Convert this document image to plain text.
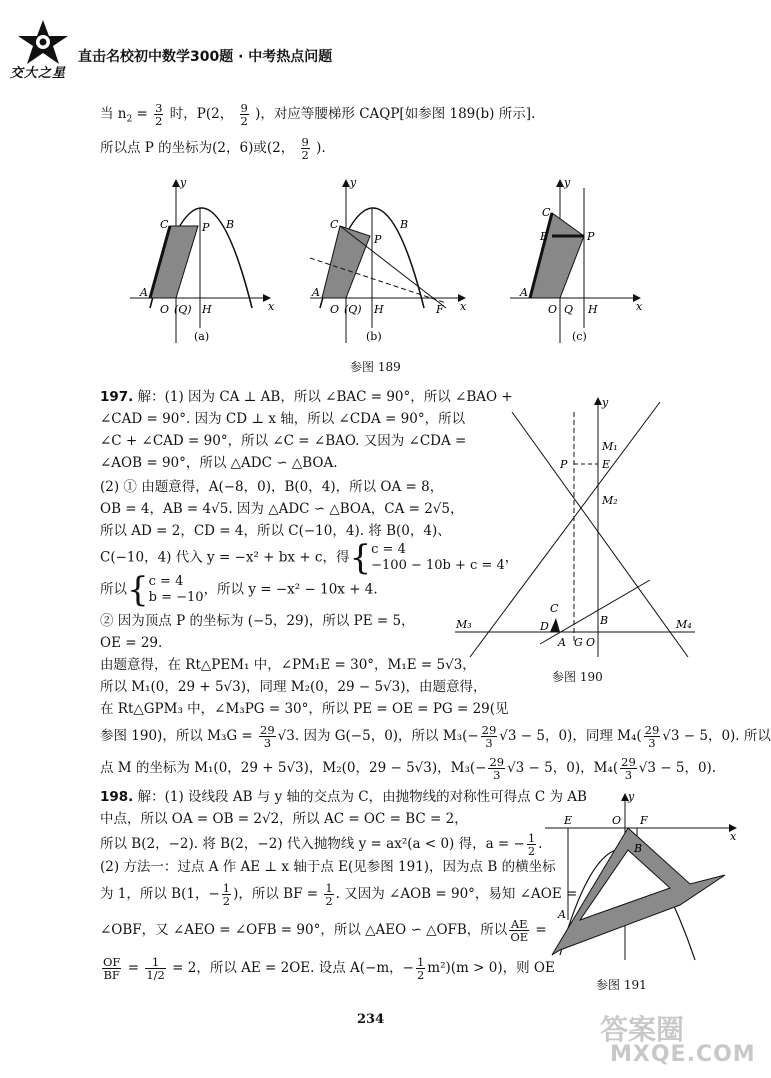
交大之星
直击名校初中数学300题 · 中考热点问题
当 $n_2 = \frac{3}{2}$ 时，P(2， $\frac{9}{2}$ )，对应等腰梯形 CAQP[如参图 189(b) 所示].
所以点 P 的坐标为(2，6)或(2， $\frac{9}{2}$ ).
x
y
A
B
C	P
O (Q) H
(a)
x
y
A
B
C
P
O (Q) H	F
(b)
x
y
A
C
E	P
O Q H
(c)
参图 189
197. 解：(1) 因为 CA ⊥ AB，所以 ∠BAC = 90°，所以 ∠BAO +
∠CAD = 90°. 因为 CD ⊥ x 轴，所以 ∠CDA = 90°，所以
∠C + ∠CAD = 90°，所以 ∠C = ∠BAO. 又因为 ∠CDA =
∠AOB = 90°，所以 △ADC ∽ △BOA.
(2) ① 由题意得，A(−8，0)，B(0，4)，所以 OA = 8，
OB = 4，AB = 4√5. 因为 △ADC ∽ △BOA，CA = 2√5，
所以 AD = 2，CD = 4，所以 C(−10，4). 将 B(0，4)、
C(−10，4) 代入 y = −x² + bx + c，得{c = 4
−100 − 10b + c = 4，
所以{c = 4
b = −10，所以 y = −x² − 10x + 4.
② 因为顶点 P 的坐标为 (−5，29)，所以 PE = 5，
OE = 29.
由题意得，在 Rt△PEM₁ 中，∠PM₁E = 30°，M₁E = 5√3，
所以 M₁(0，29 + 5√3)，同理 M₂(0，29 − 5√3)，由题意得，
在 Rt△GPM₃ 中，∠M₃PG = 30°，所以 PE = OE = PG = 29(见
参图 190)，所以 $M_3G = \frac{29}{3} √3$. 因为 G(−5，0)，所以 $M_3(- \frac{29}{3} √3 - 5$，0)，同理 $M_4( \frac{29}{3} √3 - 5$，0). 所以
点 M 的坐标为 M₁(0，29 + 5√3)，M₂(0，29 − 5√3)，$M_3(- \frac{29}{3} √3 - 5$，0)，$M_4( \frac{29}{3} √3 - 5$，0).
y
M₁
M₂
P	E
M₃	M₄
C
D
A G O
B
参图 190
198. 解：(1) 设线段 AB 与 y 轴的交点为 C，由抛物线的对称性可得点 C 为 AB
中点，所以 OA = OB = 2√2，所以 AC = OC = BC = 2，
所以 B(2，−2). 将 B(2，−2) 代入抛物线 y = ax²(a < 0) 得，a = − $\frac{1}{2}$ .
(2) 方法一：过点 A 作 AE ⊥ x 轴于点 E(见参图 191)，因为点 B 的横坐标
为 1，所以 B(1，− $\frac{1}{2}$ )，所以 BF = $\frac{1}{2}$ . 又因为 ∠AOB = 90°，易知 ∠AOE =
∠OBF，又 ∠AEO = ∠OFB = 90°，所以 △AEO ∽ △OFB，所以 $\frac{AE}{OE}$ =
$\frac{OF}{BF} = \frac{1}{1/2} = 2$，所以 AE = 2OE. 设点 A(−m，− $\frac{1}{2} m^2)(m > 0)$，则 OE
y
x
E	O F
A
B
参图 191
234	答案圈
MXQE.COM
